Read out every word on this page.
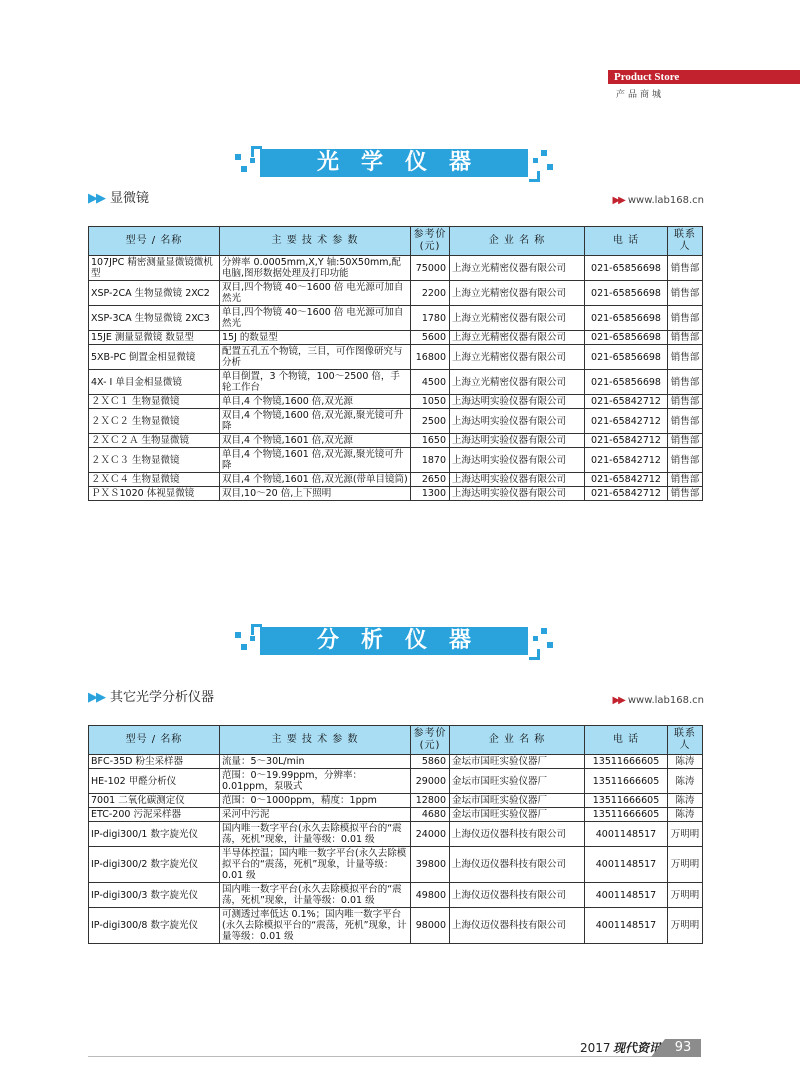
Product Store
产品商城
光学仪器
▶▶ 显微镜	▶▶ www.lab168.cn
型号 / 名称	主 要 技 术 参 数	参考价(元)	企 业 名 称	电 话	联系人
107JPC 精密测量显微镜微机型	分辨率 0.0005mm,X,Y 轴:50X50mm,配电脑,图形数据处理及打印功能	75000	上海立光精密仪器有限公司	021-65856698	销售部
XSP-2CA 生物显微镜 2XC2	双目,四个物镜 40～1600 倍 电光源可加自然光	2200	上海立光精密仪器有限公司	021-65856698	销售部
XSP-3CA 生物显微镜 2XC3	单目,四个物镜 40～1600 倍 电光源可加自然光	1780	上海立光精密仪器有限公司	021-65856698	销售部
15JE 测量显微镜 数显型	15J 的数显型	5600	上海立光精密仪器有限公司	021-65856698	销售部
5XB-PC 倒置金相显微镜	配置五孔五个物镜，三目，可作图像研究与分析	16800	上海立光精密仪器有限公司	021-65856698	销售部
4X- Ⅰ 单目金相显微镜	单目倒置，3 个物镜，100～2500 倍，手轮工作台	4500	上海立光精密仪器有限公司	021-65856698	销售部
２ＸＣ１ 生物显微镜	单目,4 个物镜,1600 倍,双光源	1050	上海达明实验仪器有限公司	021-65842712	销售部
２ＸＣ２ 生物显微镜	双目,4 个物镜,1600 倍,双光源,聚光镜可升降	2500	上海达明实验仪器有限公司	021-65842712	销售部
２ＸＣ２Ａ 生物显微镜	双目,4 个物镜,1601 倍,双光源	1650	上海达明实验仪器有限公司	021-65842712	销售部
２ＸＣ３ 生物显微镜	单目,4 个物镜,1601 倍,双光源,聚光镜可升降	1870	上海达明实验仪器有限公司	021-65842712	销售部
２ＸＣ４ 生物显微镜	双目,4 个物镜,1601 倍,双光源(带单目镜筒)	2650	上海达明实验仪器有限公司	021-65842712	销售部
ＰＸＳ1020 体视显微镜	双目,10～20 倍,上下照明	1300	上海达明实验仪器有限公司	021-65842712	销售部
分析仪器
▶▶ 其它光学分析仪器	▶▶ www.lab168.cn
型号 / 名称	主 要 技 术 参 数	参考价(元)	企 业 名 称	电 话	联系人
BFC-35D 粉尘采样器	流量：5～30L/min	5860	金坛市国旺实验仪器厂	13511666605	陈涛
HE-102 甲醛分析仪	范围：0～19.99ppm，分辨率：0.01ppm，泵吸式	29000	金坛市国旺实验仪器厂	13511666605	陈涛
7001 二氧化碳测定仪	范围：0～1000ppm，精度：1ppm	12800	金坛市国旺实验仪器厂	13511666605	陈涛
ETC-200 污泥采样器	采河中污泥	4680	金坛市国旺实验仪器厂	13511666605	陈涛
IP-digi300/1 数字旋光仪	国内唯一数字平台(永久去除模拟平台的“震荡，死机”现象，计量等级：0.01 级	24000	上海仪迈仪器科技有限公司	4001148517	万明明
IP-digi300/2 数字旋光仪	半导体控温；国内唯一数字平台(永久去除模拟平台的“震荡，死机”现象，计量等级：0.01 级	39800	上海仪迈仪器科技有限公司	4001148517	万明明
IP-digi300/3 数字旋光仪	国内唯一数字平台(永久去除模拟平台的“震荡，死机”现象，计量等级：0.01 级	49800	上海仪迈仪器科技有限公司	4001148517	万明明
IP-digi300/8 数字旋光仪	可测透过率低达 0.1%；国内唯一数字平台(永久去除模拟平台的“震荡，死机”现象，计量等级：0.01 级	98000	上海仪迈仪器科技有限公司	4001148517	万明明
2017 现代资讯	93
